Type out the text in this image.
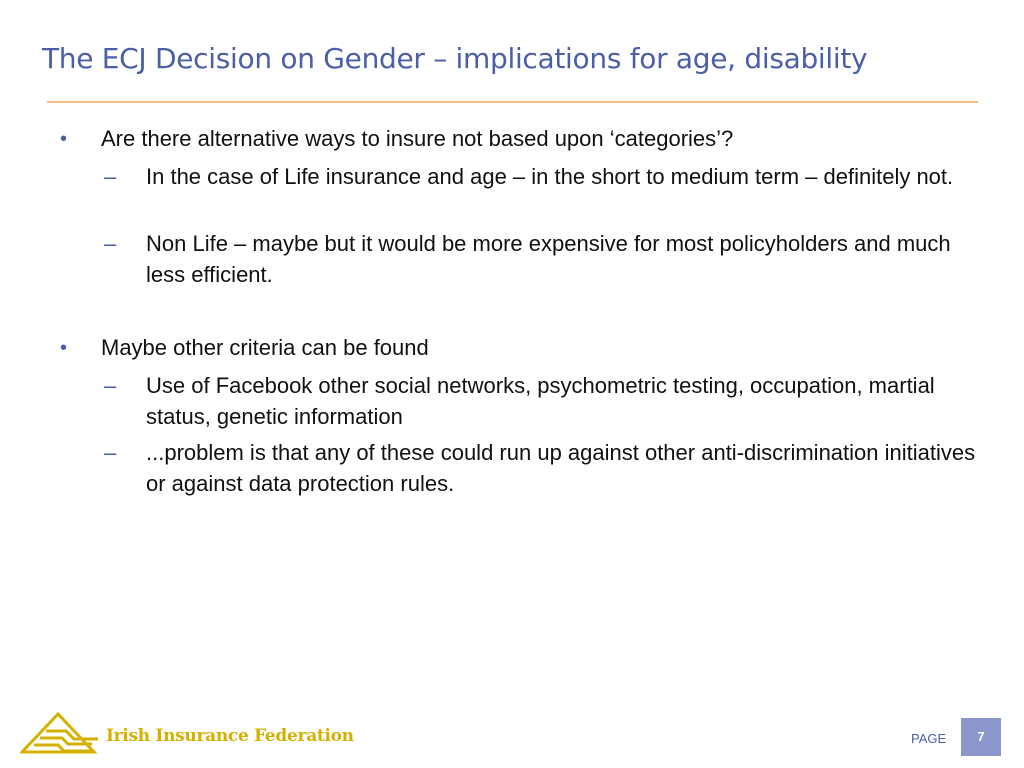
The ECJ Decision on Gender – implications for age, disability
• Are there alternative ways to insure not based upon ‘categories’?
– In the case of Life insurance and age – in the short to medium term – definitely not.
– Non Life – maybe but it would be more expensive for most policyholders and much less efficient.
• Maybe other criteria can be found
– Use of Facebook other social networks, psychometric testing, occupation, martial status, genetic information
– ...problem is that any of these could run up against other anti-discrimination initiatives or against data protection rules.
Irish Insurance Federation	PAGE	7
